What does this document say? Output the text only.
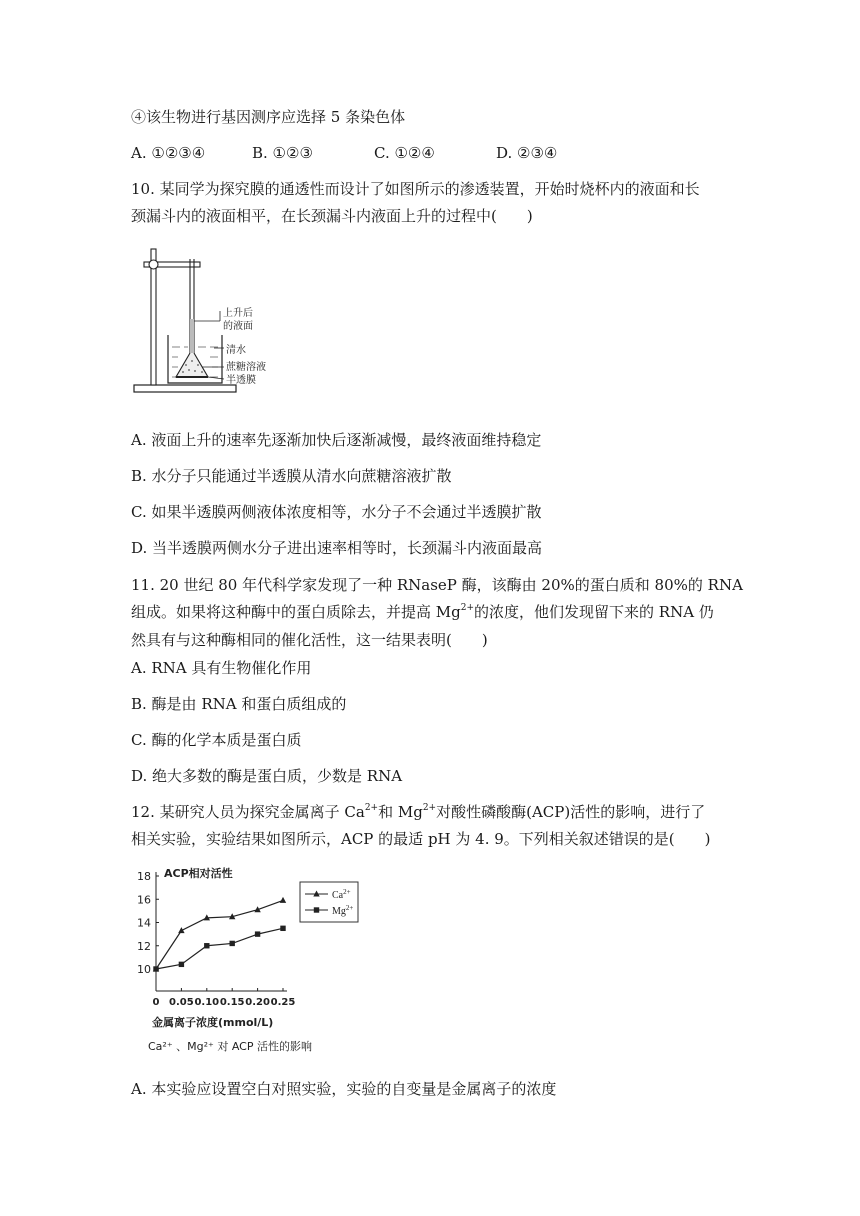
④该生物进行基因测序应选择 5 条染色体
A. ①②③④	B. ①②③	C. ①②④	D. ②③④
10. 某同学为探究膜的通透性而设计了如图所示的渗透装置，开始时烧杯内的液面和长
颈漏斗内的液面相平，在长颈漏斗内液面上升的过程中(　　)
上升后
的液面
清水
蔗糖溶液
半透膜
A. 液面上升的速率先逐渐加快后逐渐减慢，最终液面维持稳定
B. 水分子只能通过半透膜从清水向蔗糖溶液扩散
C. 如果半透膜两侧液体浓度相等，水分子不会通过半透膜扩散
D. 当半透膜两侧水分子进出速率相等时，长颈漏斗内液面最高
11. 20 世纪 80 年代科学家发现了一种 RNaseP 酶，该酶由 20%的蛋白质和 80%的 RNA
组成。如果将这种酶中的蛋白质除去，并提高 $Mg^{2+}$的浓度，他们发现留下来的 RNA 仍
然具有与这种酶相同的催化活性，这一结果表明(　　)
A. RNA 具有生物催化作用
B. 酶是由 RNA 和蛋白质组成的
C. 酶的化学本质是蛋白质
D. 绝大多数的酶是蛋白质，少数是 RNA
12. 某研究人员为探究金属离子 $Ca^{2+}$和 $Mg^{2+}$对酸性磷酸酶(ACP)活性的影响，进行了
相关实验，实验结果如图所示，ACP 的最适 pH 为 4. 9。下列相关叙述错误的是(　　)
10
12
14
16
18
0 0.05 0.10 0.15 0.20 0.25
ACP相对活性
金属离子浓度(mmol/L)
Ca²⁺ 、Mg²⁺ 对 ACP 活性的影响
$Ca^{2+}$
$Mg^{2+}$
A. 本实验应设置空白对照实验，实验的自变量是金属离子的浓度
